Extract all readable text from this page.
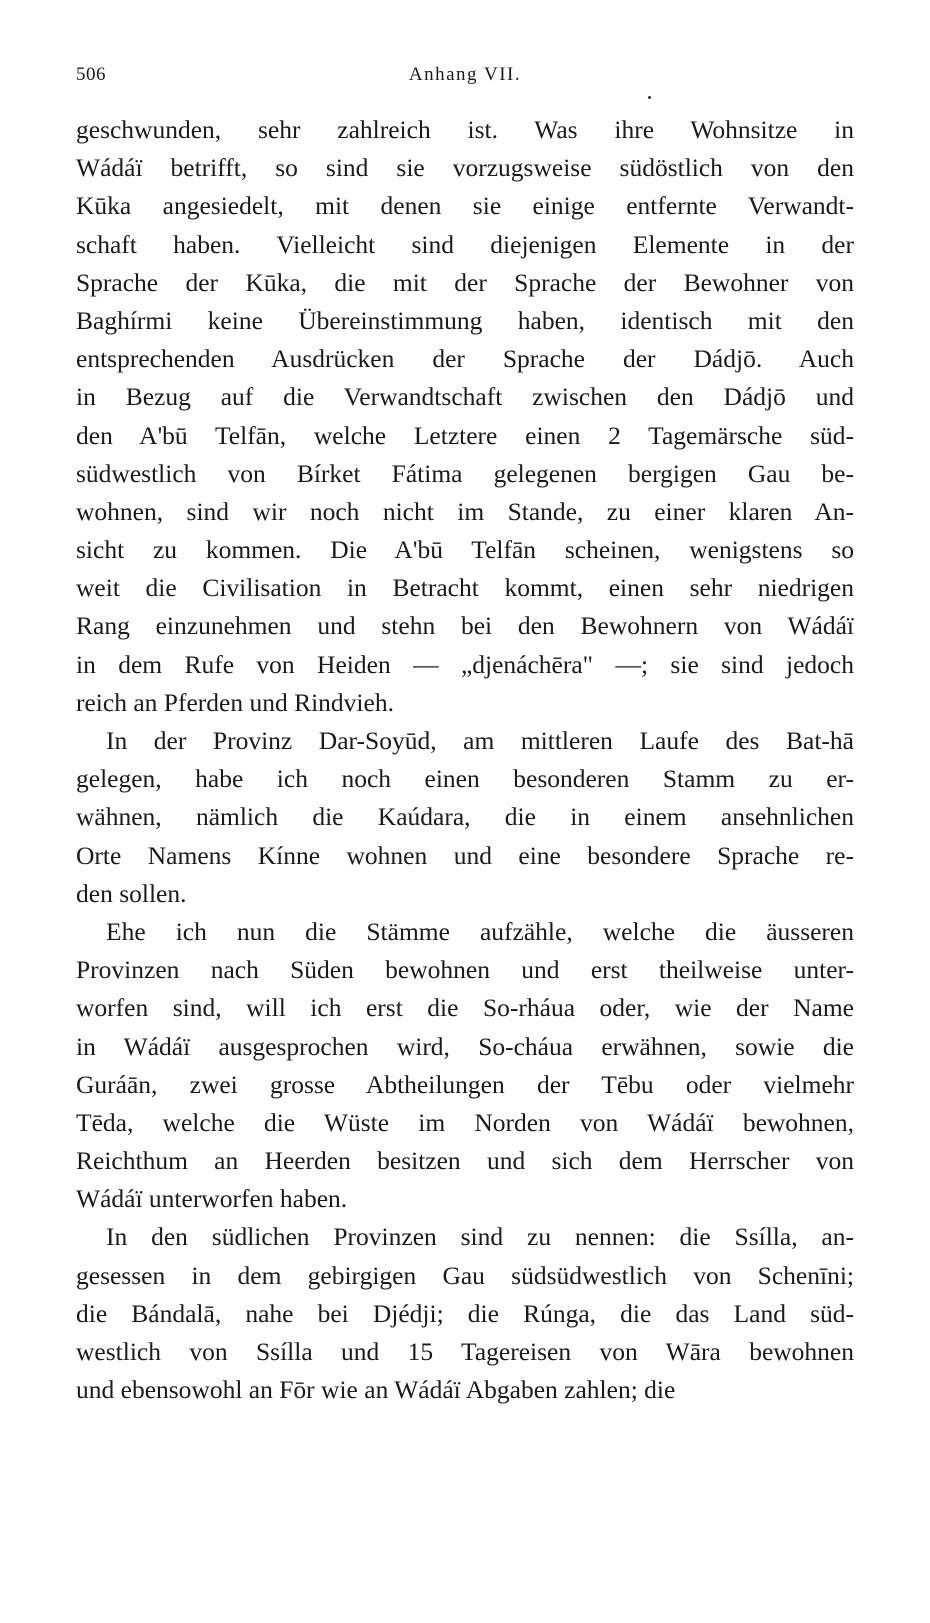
506	Anhang VII.
geschwunden, sehr zahlreich ist. Was ihre Wohnsitze in
Wádáï betrifft, so sind sie vorzugsweise südöstlich von den
Kūka angesiedelt, mit denen sie einige entfernte Verwandt-
schaft haben. Vielleicht sind diejenigen Elemente in der
Sprache der Kūka, die mit der Sprache der Bewohner von
Baghírmi keine Übereinstimmung haben, identisch mit den
entsprechenden Ausdrücken der Sprache der Dádjō. Auch
in Bezug auf die Verwandtschaft zwischen den Dádjō und
den A'bū Telfān, welche Letztere einen 2 Tagemärsche süd-
südwestlich von Bírket Fátima gelegenen bergigen Gau be-
wohnen, sind wir noch nicht im Stande, zu einer klaren An-
sicht zu kommen. Die A'bū Telfān scheinen, wenigstens so
weit die Civilisation in Betracht kommt, einen sehr niedrigen
Rang einzunehmen und stehn bei den Bewohnern von Wádáï
in dem Rufe von Heiden — „djenáchēra" —; sie sind jedoch
reich an Pferden und Rindvieh.
In der Provinz Dar-Soyūd, am mittleren Laufe des Bat-hā
gelegen, habe ich noch einen besonderen Stamm zu er-
wähnen, nämlich die Kaúdara, die in einem ansehnlichen
Orte Namens Kínne wohnen und eine besondere Sprache re-
den sollen.
Ehe ich nun die Stämme aufzähle, welche die äusseren
Provinzen nach Süden bewohnen und erst theilweise unter-
worfen sind, will ich erst die So-rháua oder, wie der Name
in Wádáï ausgesprochen wird, So-cháua erwähnen, sowie die
Guráān, zwei grosse Abtheilungen der Tēbu oder vielmehr
Tēda, welche die Wüste im Norden von Wádáï bewohnen,
Reichthum an Heerden besitzen und sich dem Herrscher von
Wádáï unterworfen haben.
In den südlichen Provinzen sind zu nennen: die Ssílla, an-
gesessen in dem gebirgigen Gau südsüdwestlich von Schenīni;
die Bándalā, nahe bei Djédji; die Rúnga, die das Land süd-
westlich von Ssílla und 15 Tagereisen von Wāra bewohnen
und ebensowohl an Fōr wie an Wádáï Abgaben zahlen; die
